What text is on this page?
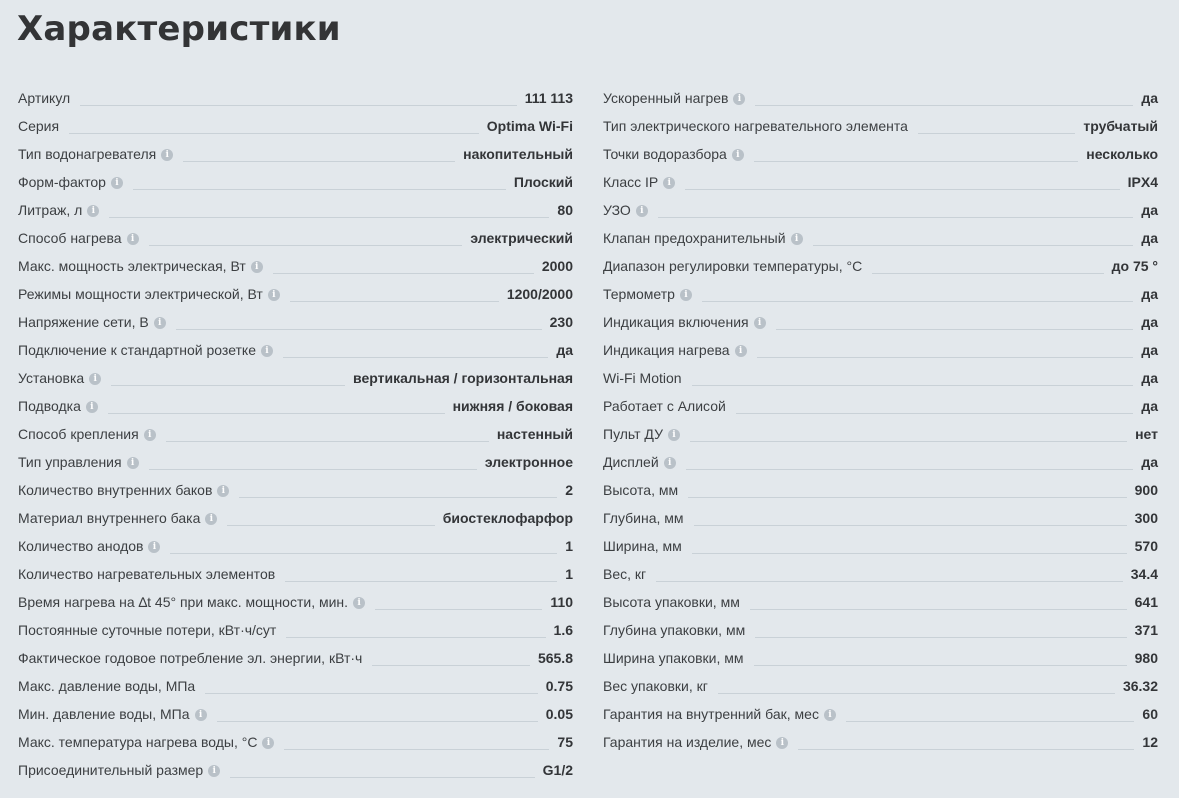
Характеристики
Артикул	111 113
Серия	Optima Wi-Fi
Тип водонагревателя	i	накопительный
Форм-фактор	i	Плоский
Литраж, л	i	80
Способ нагрева	i	электрический
Макс. мощность электрическая, Вт	i	2000
Режимы мощности электрической, Вт	i	1200/2000
Напряжение сети, В	i	230
Подключение к стандартной розетке	i	да
Установка	i	вертикальная / горизонтальная
Подводка	i	нижняя / боковая
Способ крепления	i	настенный
Тип управления	i	электронное
Количество внутренних баков	i	2
Материал внутреннего бака	i	биостеклофарфор
Количество анодов	i	1
Количество нагревательных элементов	1
Время нагрева на ∆t 45° при макс. мощности, мин.	i	110
Постоянные суточные потери, кВт·ч/сут	1.6
Фактическое годовое потребление эл. энергии, кВт·ч	565.8
Макс. давление воды, МПа	0.75
Мин. давление воды, МПа	i	0.05
Макс. температура нагрева воды, °С	i	75
Присоединительный размер	i	G1/2
Ускоренный нагрев	i	да
Тип электрического нагревательного элемента	трубчатый
Точки водоразбора	i	несколько
Класс IP	i	IPX4
УЗО	i	да
Клапан предохранительный	i	да
Диапазон регулировки температуры, °С	до 75 °
Термометр	i	да
Индикация включения	i	да
Индикация нагрева	i	да
Wi-Fi Motion	да
Работает с Алисой	да
Пульт ДУ	i	нет
Дисплей	i	да
Высота, мм	900
Глубина, мм	300
Ширина, мм	570
Вес, кг	34.4
Высота упаковки, мм	641
Глубина упаковки, мм	371
Ширина упаковки, мм	980
Вес упаковки, кг	36.32
Гарантия на внутренний бак, мес	i	60
Гарантия на изделие, мес	i	12
